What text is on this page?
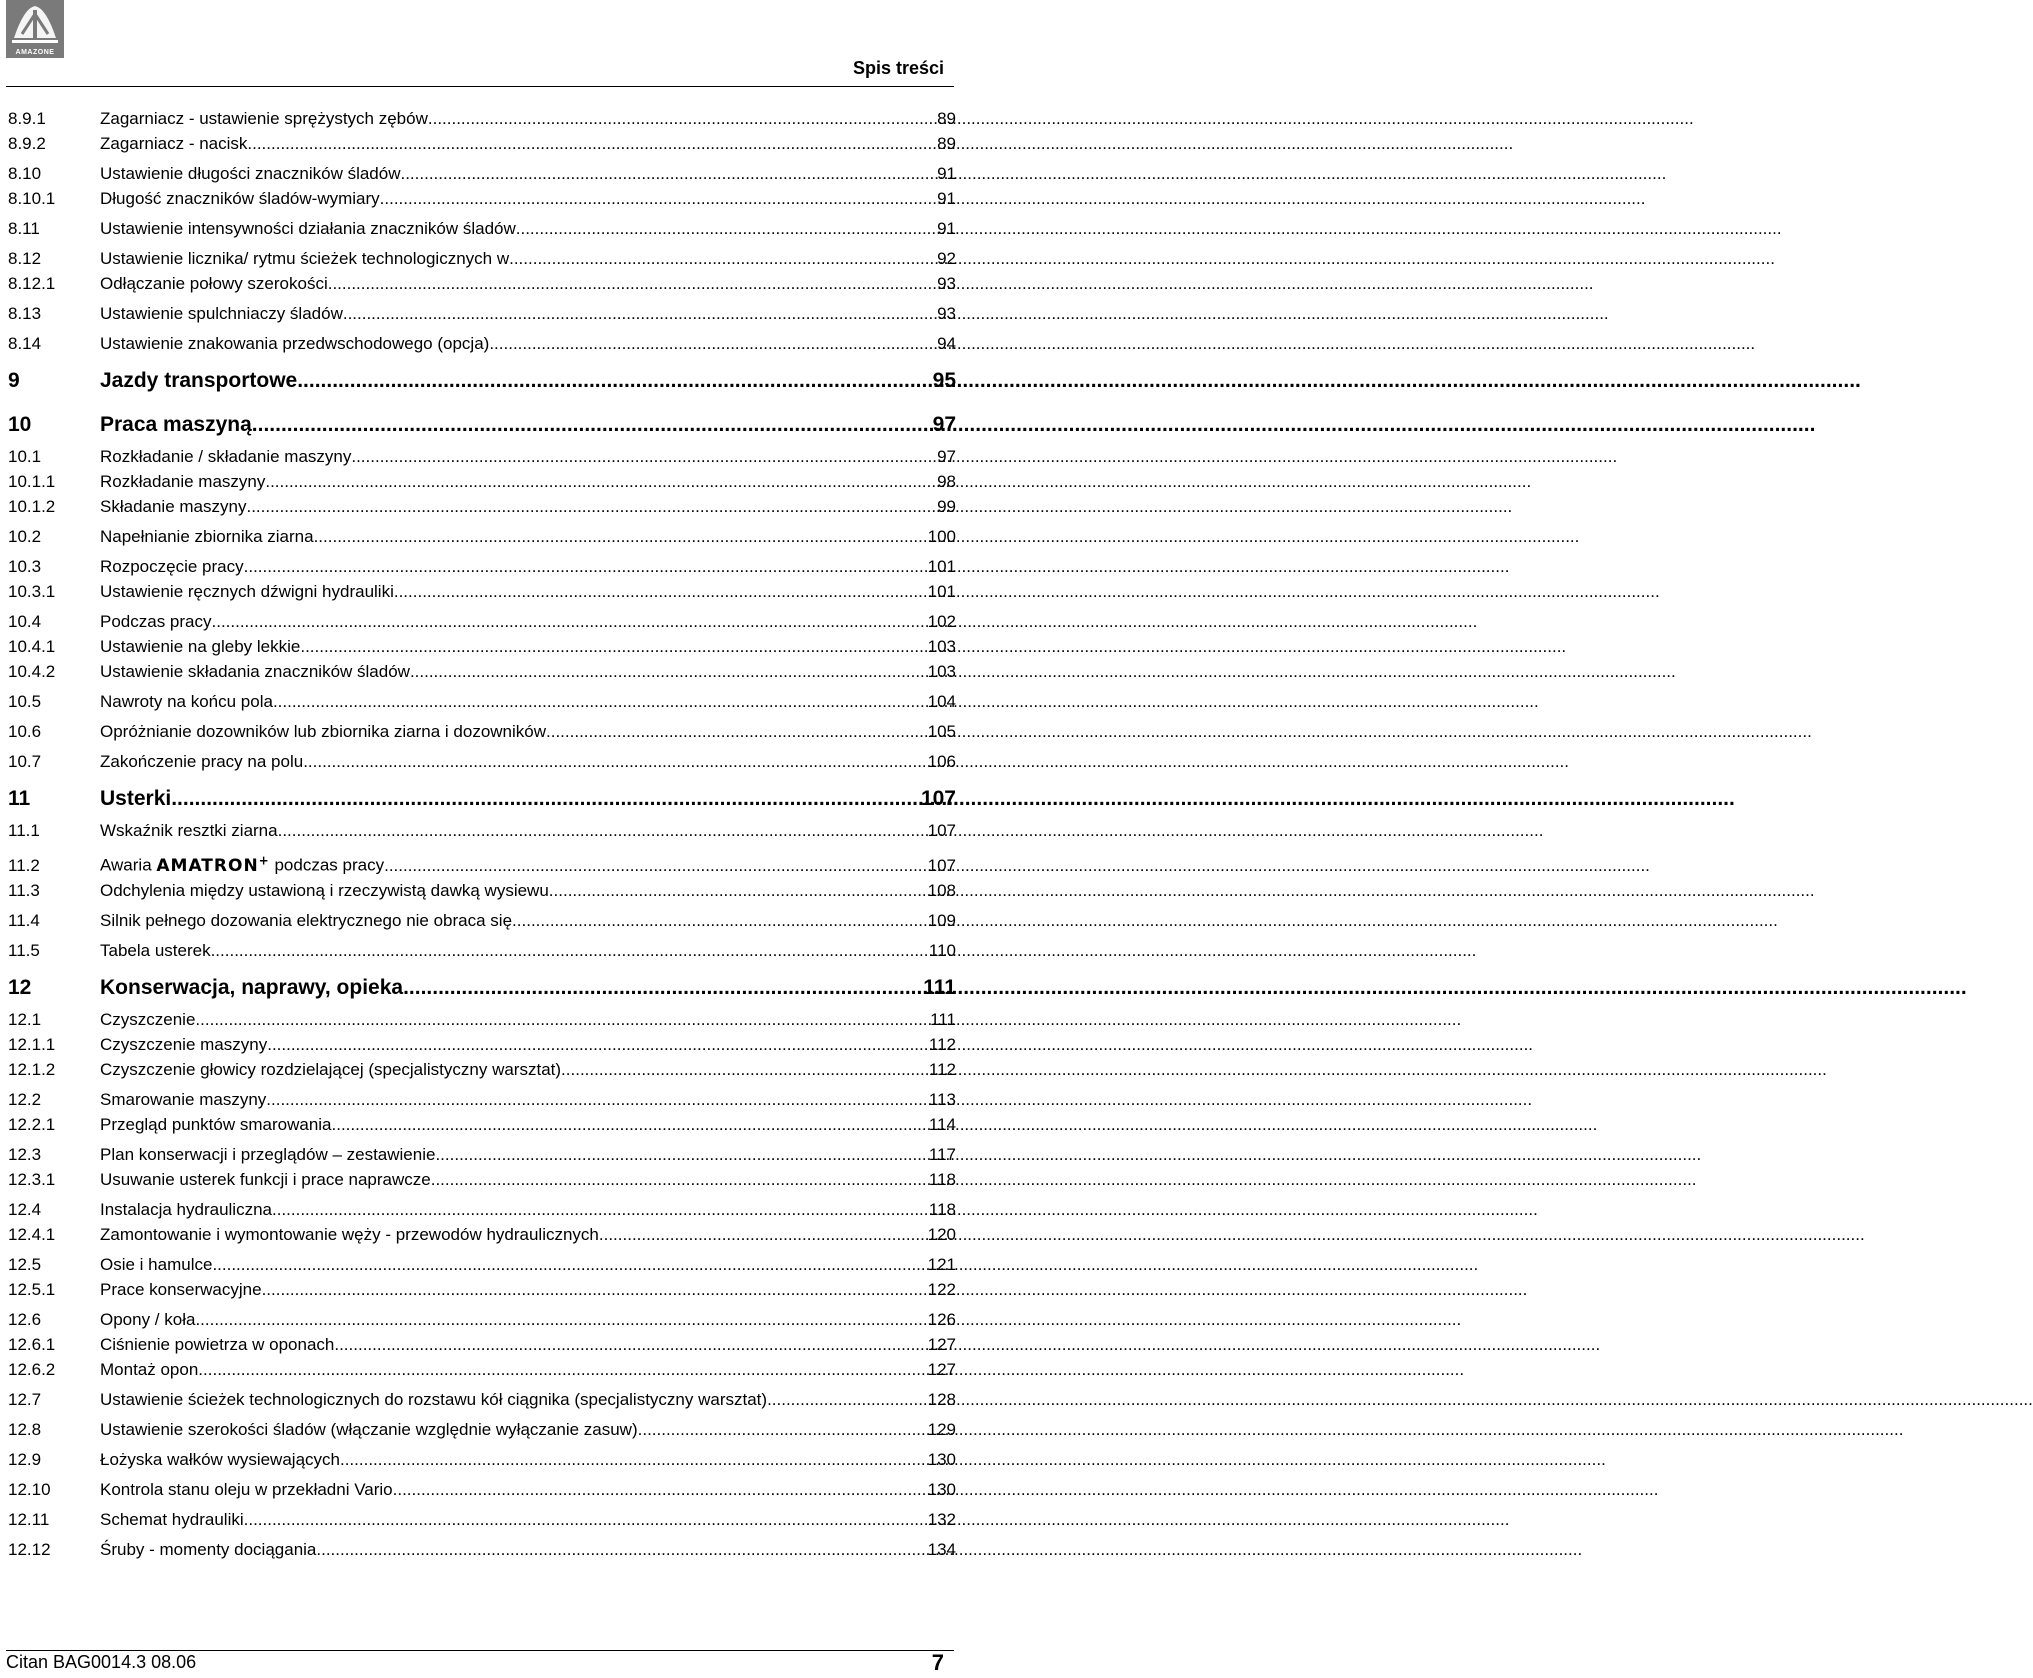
AMAZONE
Spis treści
8.9.1	Zagarniacz - ustawienie sprężystych zębów .....	89
8.9.2	Zagarniacz - nacisk .....	89
8.10	Ustawienie długości znaczników śladów .....	91
8.10.1	Długość znaczników śladów-wymiary .....	91
8.11	Ustawienie intensywności działania znaczników śladów .....	91
8.12	Ustawienie licznika/ rytmu ścieżek technologicznych w .....	92
8.12.1	Odłączanie połowy szerokości .....	93
8.13	Ustawienie spulchniaczy śladów .....	93
8.14	Ustawienie znakowania przedwschodowego (opcja) .....	94
9	Jazdy transportowe .....	95
10	Praca maszyną .....	97
10.1	Rozkładanie / składanie maszyny .....	97
10.1.1	Rozkładanie maszyny .....	98
10.1.2	Składanie maszyny .....	99
10.2	Napełnianie zbiornika ziarna .....	100
10.3	Rozpoczęcie pracy .....	101
10.3.1	Ustawienie ręcznych dźwigni hydrauliki .....	101
10.4	Podczas pracy .....	102
10.4.1	Ustawienie na gleby lekkie .....	103
10.4.2	Ustawienie składania znaczników śladów .....	103
10.5	Nawroty na końcu pola .....	104
10.6	Opróżnianie dozowników lub zbiornika ziarna i dozowników .....	105
10.7	Zakończenie pracy na polu .....	106
11	Usterki .....	107
11.1	Wskaźnik resztki ziarna .....	107
11.2	Awaria AMATRON+ podczas pracy .....	107
11.3	Odchylenia między ustawioną i rzeczywistą dawką wysiewu .....	108
11.4	Silnik pełnego dozowania elektrycznego nie obraca się .....	109
11.5	Tabela usterek .....	110
12	Konserwacja, naprawy, opieka .....	111
12.1	Czyszczenie .....	111
12.1.1	Czyszczenie maszyny .....	112
12.1.2	Czyszczenie głowicy rozdzielającej (specjalistyczny warsztat) .....	112
12.2	Smarowanie maszyny .....	113
12.2.1	Przegląd punktów smarowania .....	114
12.3	Plan konserwacji i przeglądów – zestawienie .....	117
12.3.1	Usuwanie usterek funkcji i prace naprawcze .....	118
12.4	Instalacja hydrauliczna .....	118
12.4.1	Zamontowanie i wymontowanie węży - przewodów hydraulicznych .....	120
12.5	Osie i hamulce .....	121
12.5.1	Prace konserwacyjne .....	122
12.6	Opony / koła .....	126
12.6.1	Ciśnienie powietrza w oponach .....	127
12.6.2	Montaż opon .....	127
12.7	Ustawienie ścieżek technologicznych do rozstawu kół ciągnika (specjalistyczny warsztat) .....	128
12.8	Ustawienie szerokości śladów (włączanie względnie wyłączanie zasuw) .....	129
12.9	Łożyska wałków wysiewających .....	130
12.10	Kontrola stanu oleju w przekładni Vario .....	130
12.11	Schemat hydrauliki .....	132
12.12	Śruby - momenty dociągania .....	134
Citan BAG0014.3 08.06	7
